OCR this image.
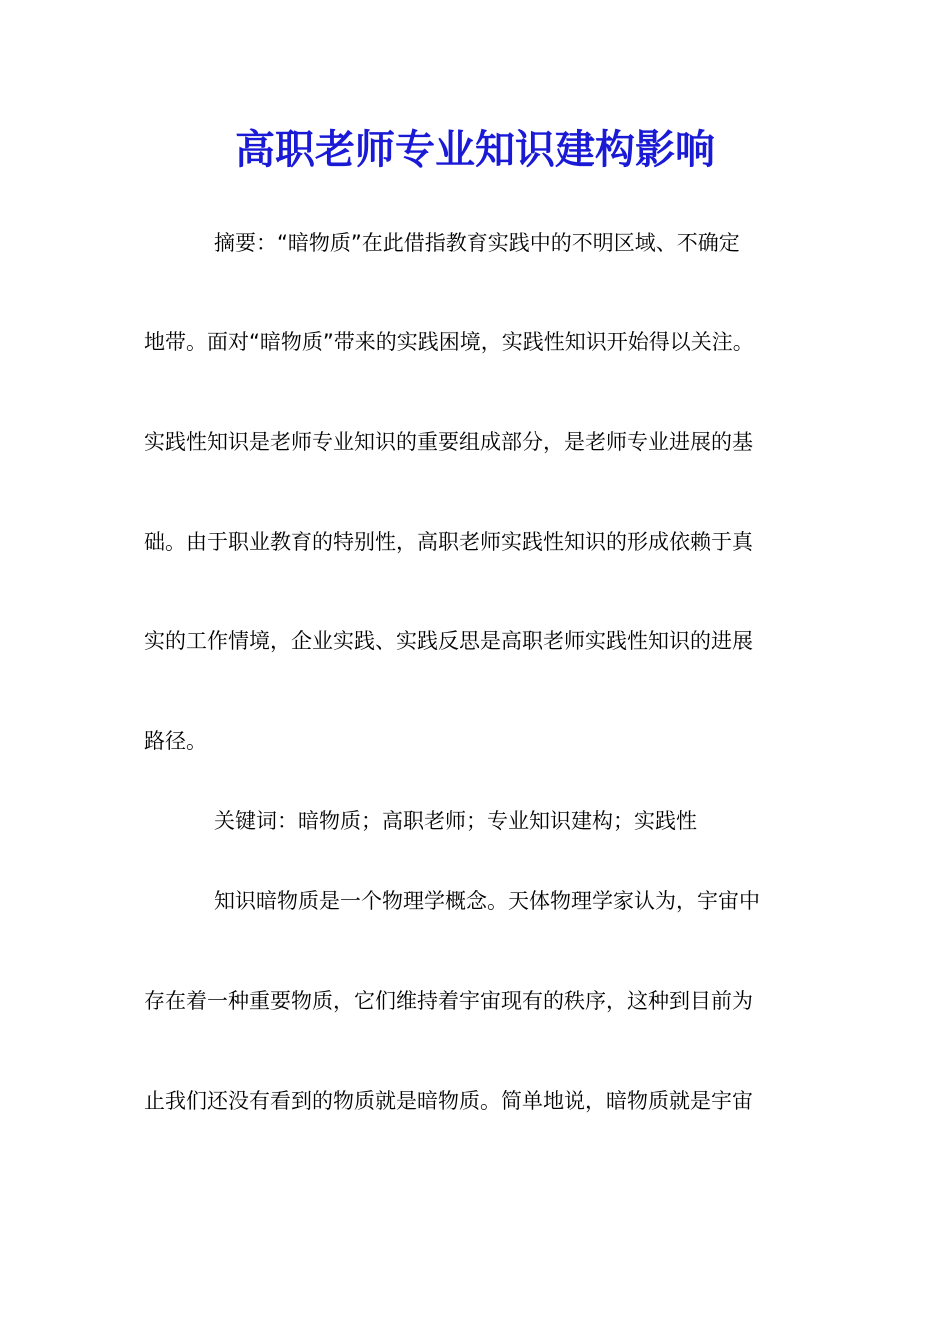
高职老师专业知识建构影响

摘要：“暗物质”在此借指教育实践中的不明区域、不确定

地带。面对“暗物质”带来的实践困境，实践性知识开始得以关注。

实践性知识是老师专业知识的重要组成部分，是老师专业进展的基

础。由于职业教育的特别性，高职老师实践性知识的形成依赖于真

实的工作情境，企业实践、实践反思是高职老师实践性知识的进展

路径。

关键词：暗物质；高职老师；专业知识建构；实践性

知识暗物质是一个物理学概念。天体物理学家认为，宇宙中

存在着一种重要物质，它们维持着宇宙现有的秩序，这种到目前为

止我们还没有看到的物质就是暗物质。简单地说，暗物质就是宇宙
